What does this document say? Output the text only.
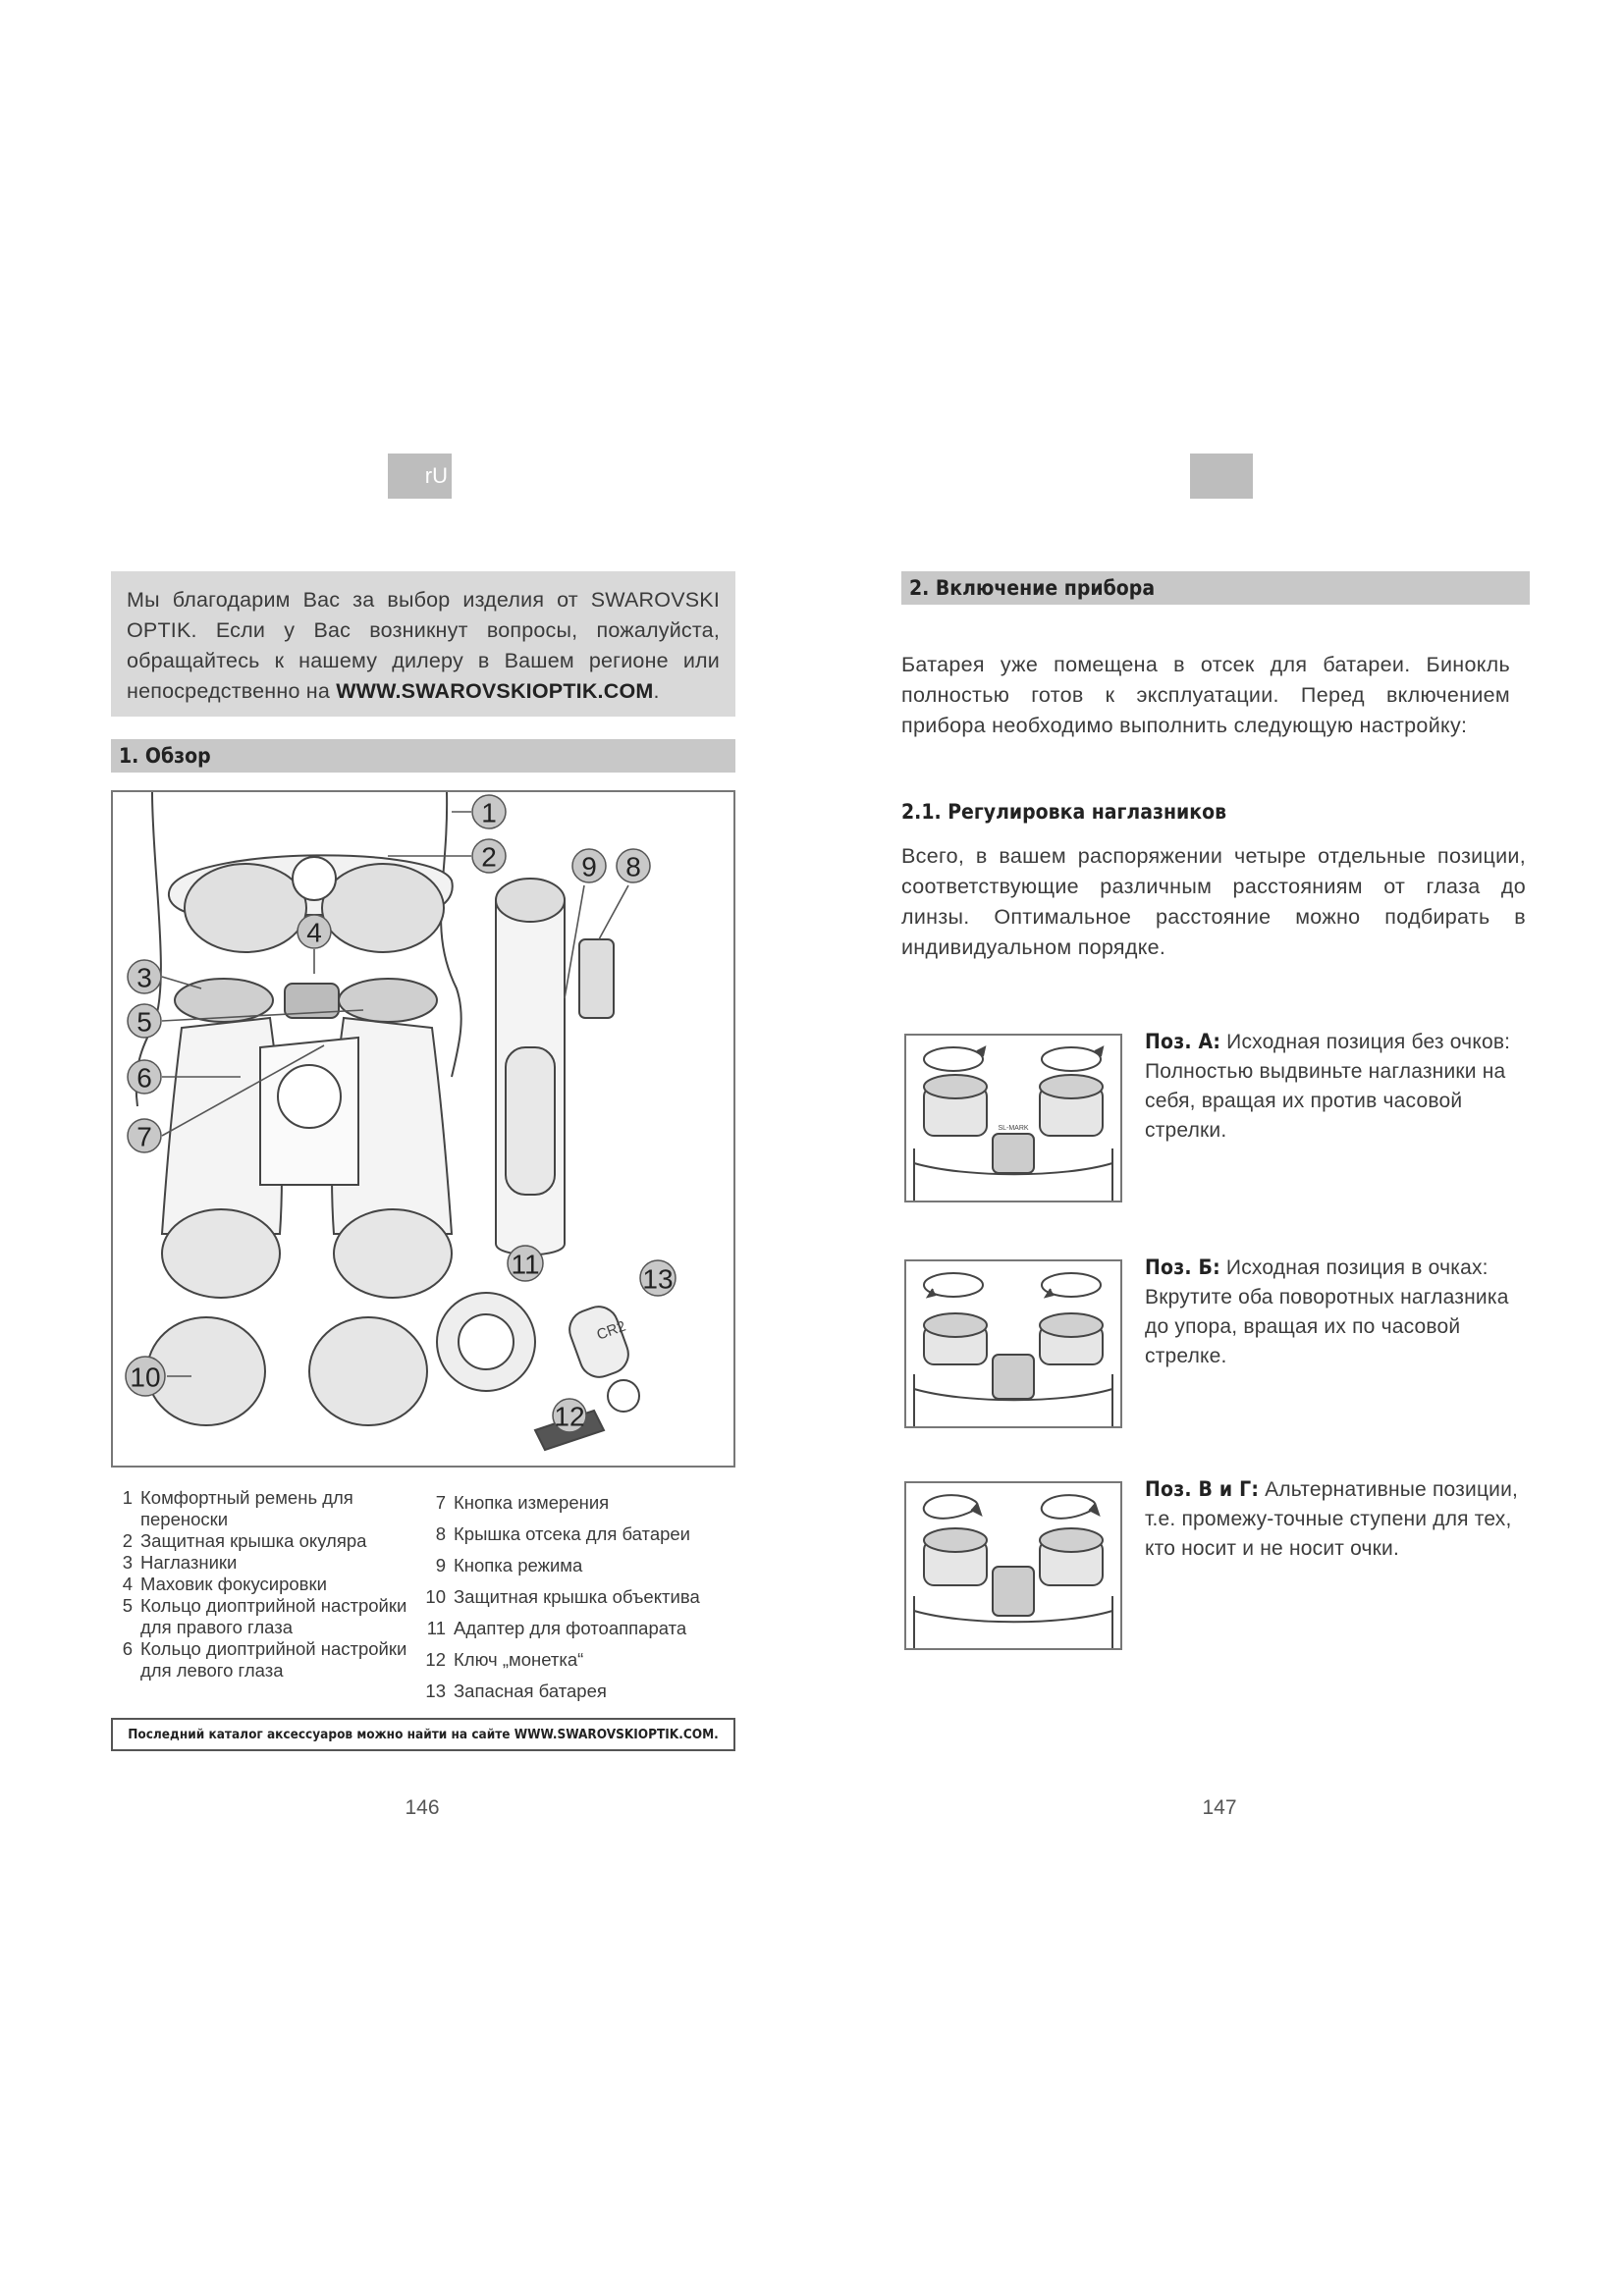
rU
Мы благодарим Вас за выбор изделия от SWAROVSKI OPTIK. Если у Вас возникнут вопросы, пожалуйста, обращайтесь к нашему дилеру в Вашем регионе или непосредственно на WWW.SWAROVSKIOPTIK.COM.
1. Обзор
CR2
1
2
3
4
5
6
7
8
9
10
11
12
13
1 Комфортный ремень для переноски
2 Защитная крышка окуляра
3 Наглазники
4 Маховик фокусировки
5 Кольцо диоптрийной настройки для правого глаза
6 Кольцо диоптрийной настройки для левого глаза
7 Кнопка измерения
8 Крышка отсека для батареи
9 Кнопка режима
10 Защитная крышка объектива
11 Адаптер для фотоаппарата
12 Ключ „монетка“
13 Запасная батарея
Последний каталог аксессуаров можно найти на сайте WWW.SWAROVSKIOPTIK.COM.
146
2. Включение прибора
Батарея уже помещена в отсек для батареи. Бинокль полностью готов к эксплуатации. Перед включением прибора необходимо выполнить следующую настройку:
2.1. Регулировка наглазников
Всего, в вашем распоряжении четыре отдельные позиции, соответствующие различным расстояниям от глаза до линзы. Оптимальное расстояние можно подбирать в индивидуальном порядке.
SL-MARK
Поз. А: Исходная позиция без очков: Полностью выдвиньте наглазники на себя, вращая их против часовой стрелки.
Поз. Б: Исходная позиция в очках: Вкрутите оба поворотных наглазника до упора, вращая их по часовой стрелке.
Поз. В и Г: Альтернативные позиции, т.е. промежу-точные ступени для тех, кто носит и не носит очки.
147
